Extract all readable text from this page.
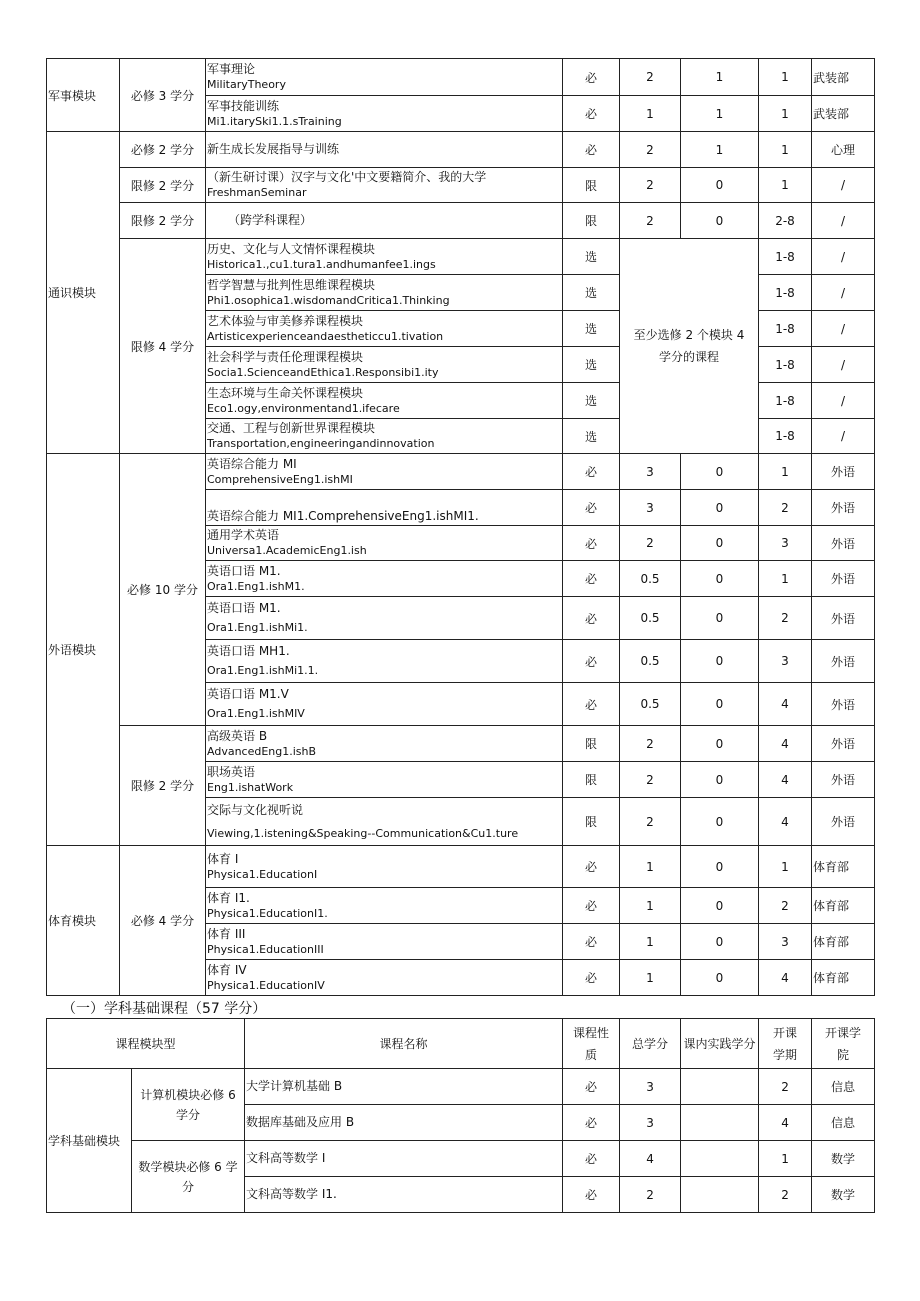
军事模块	必修 3 学分	军事理论
MilitaryTheory	必	2	1	1	武装部

		军事技能训练
Mi1.itarySki1.1.sTraining	必	1	1	1	武装部
通识模块	必修 2 学分	新生成长发展指导与训练	必	2	1	1	心理
	限修 2 学分	（新生研讨课）汉字与文化'中文要籍简介、我的大学
FreshmanSeminar	限	2	0	1	/
	限修 2 学分	（跨学科课程）	限	2	0	2-8	/
	限修 4 学分	历史、文化与人文情怀课程模块
Historica1.,cu1.tura1.andhumanfee1.ings	选	至少选修 2 个模块 4 学分的课程		1-8	/

		哲学智慧与批判性思维课程模块
Phi1.osophica1.wisdomandCritica1.Thinking	选			1-8	/

		艺术体验与审美修养课程模块
Artisticexperienceandaestheticcu1.tivation	选			1-8	/

		社会科学与责任伦理课程模块
Socia1.ScienceandEthica1.Responsibi1.ity	选			1-8	/

		生态环境与生命关怀课程模块
Eco1.ogy,environmentand1.ifecare	选			1-8	/

		交通、工程与创新世界课程模块
Transportation,engineeringandinnovation	选			1-8	/
外语模块	必修 10 学分	英语综合能力 MI
ComprehensiveEng1.ishMI	必	3	0	1	外语

		英语综合能力 MI1.ComprehensiveEng1.ishMI1.	必	3	0	2	外语

		通用学术英语
Universa1.AcademicEng1.ish	必	2	0	3	外语

		英语口语 M1.
Ora1.Eng1.ishM1.	必	0.5	0	1	外语

		英语口语 M1.
Ora1.Eng1.ishMi1.	必	0.5	0	2	外语

		英语口语 MH1.
Ora1.Eng1.ishMi1.1.	必	0.5	0	3	外语

		英语口语 M1.V
Ora1.Eng1.ishMIV	必	0.5	0	4	外语
	限修 2 学分	高级英语 B
AdvancedEng1.ishB	限	2	0	4	外语

		职场英语
Eng1.ishatWork	限	2	0	4	外语

		交际与文化视听说
Viewing,1.istening&Speaking--Communication&Cu1.ture	限	2	0	4	外语
体育模块	必修 4 学分	体育 I
Physica1.EducationI	必	1	0	1	体育部

		体育 I1.
Physica1.EducationI1.	必	1	0	2	体育部

		体育 III
Physica1.EducationIII	必	1	0	3	体育部

		体育 IV
Physica1.EducationIV	必	1	0	4	体育部
（一）学科基础课程（57 学分）
课程模块型		课程名称	课程性质	总学分	课内实践学分	开课学期	开课学院

学科基础模块	计算机模块必修 6 学分	大学计算机基础 B	必	3		2	信息
		数据库基础及应用 B	必	3		4	信息

	数学模块必修 6 学分	文科高等数学 I	必	4		1	数学
		文科高等数学 I1.	必	2		2	数学
